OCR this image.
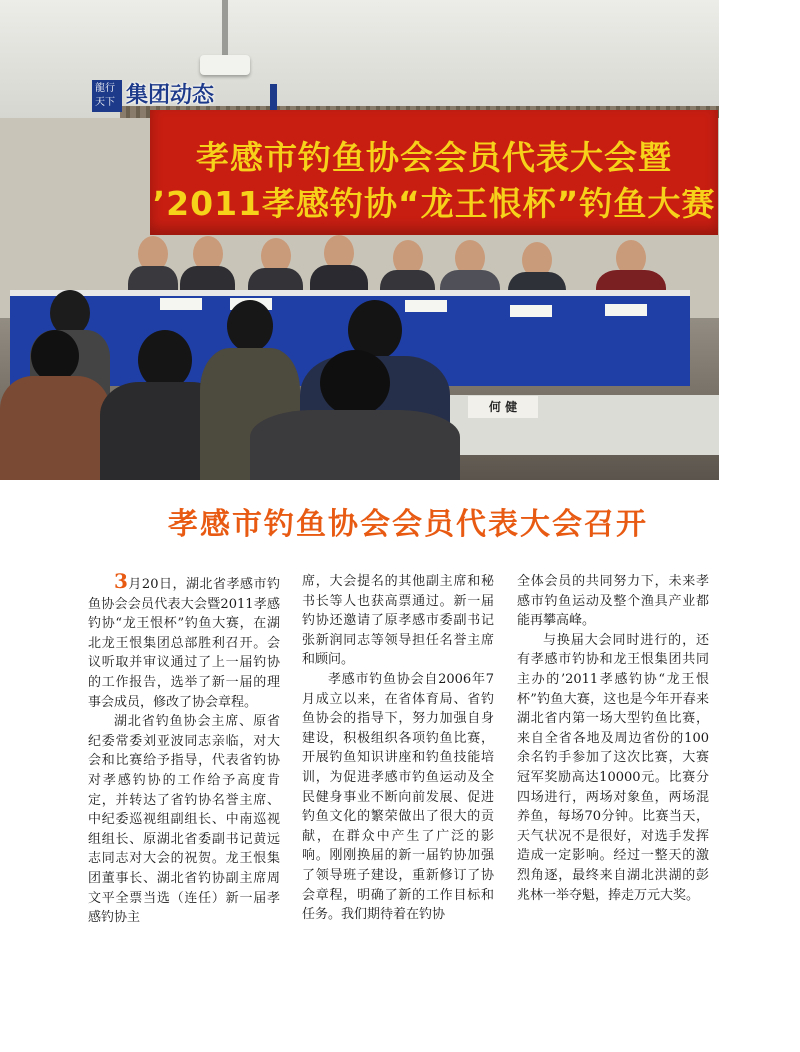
孝感市钓鱼协会会员代表大会暨
’2011孝感钓协“龙王恨杯”钓鱼大赛
何 健
龍行
天下 集团动态
孝感市钓鱼协会会员代表大会召开

3月20日，湖北省孝感市钓鱼协会会员代表大会暨2011孝感钓协“龙王恨杯”钓鱼大赛，在湖北龙王恨集团总部胜利召开。会议听取并审议通过了上一届钓协的工作报告，选举了新一届的理事会成员，修改了协会章程。

湖北省钓鱼协会主席、原省纪委常委刘亚波同志亲临，对大会和比赛给予指导，代表省钓协对孝感钓协的工作给予高度肯定，并转达了省钓协名誉主席、中纪委巡视组副组长、中南巡视组组长、原湖北省委副书记黄远志同志对大会的祝贺。龙王恨集团董事长、湖北省钓协副主席周文平全票当选（连任）新一届孝感钓协主

席，大会提名的其他副主席和秘书长等人也获高票通过。新一届钓协还邀请了原孝感市委副书记张新润同志等领导担任名誉主席和顾问。

孝感市钓鱼协会自2006年7月成立以来，在省体育局、省钓鱼协会的指导下，努力加强自身建设，积极组织各项钓鱼比赛，开展钓鱼知识讲座和钓鱼技能培训，为促进孝感市钓鱼运动及全民健身事业不断向前发展、促进钓鱼文化的繁荣做出了很大的贡献，在群众中产生了广泛的影响。刚刚换届的新一届钓协加强了领导班子建设，重新修订了协会章程，明确了新的工作目标和任务。我们期待着在钓协

全体会员的共同努力下，未来孝感市钓鱼运动及整个渔具产业都能再攀高峰。

与换届大会同时进行的，还有孝感市钓协和龙王恨集团共同主办的’2011孝感钓协“龙王恨杯”钓鱼大赛，这也是今年开春来湖北省内第一场大型钓鱼比赛，来自全省各地及周边省份的100余名钓手参加了这次比赛，大赛冠军奖励高达10000元。比赛分四场进行，两场对象鱼，两场混养鱼，每场70分钟。比赛当天，天气状况不是很好，对选手发挥造成一定影响。经过一整天的激烈角逐，最终来自湖北洪湖的彭兆林一举夺魁，捧走万元大奖。
